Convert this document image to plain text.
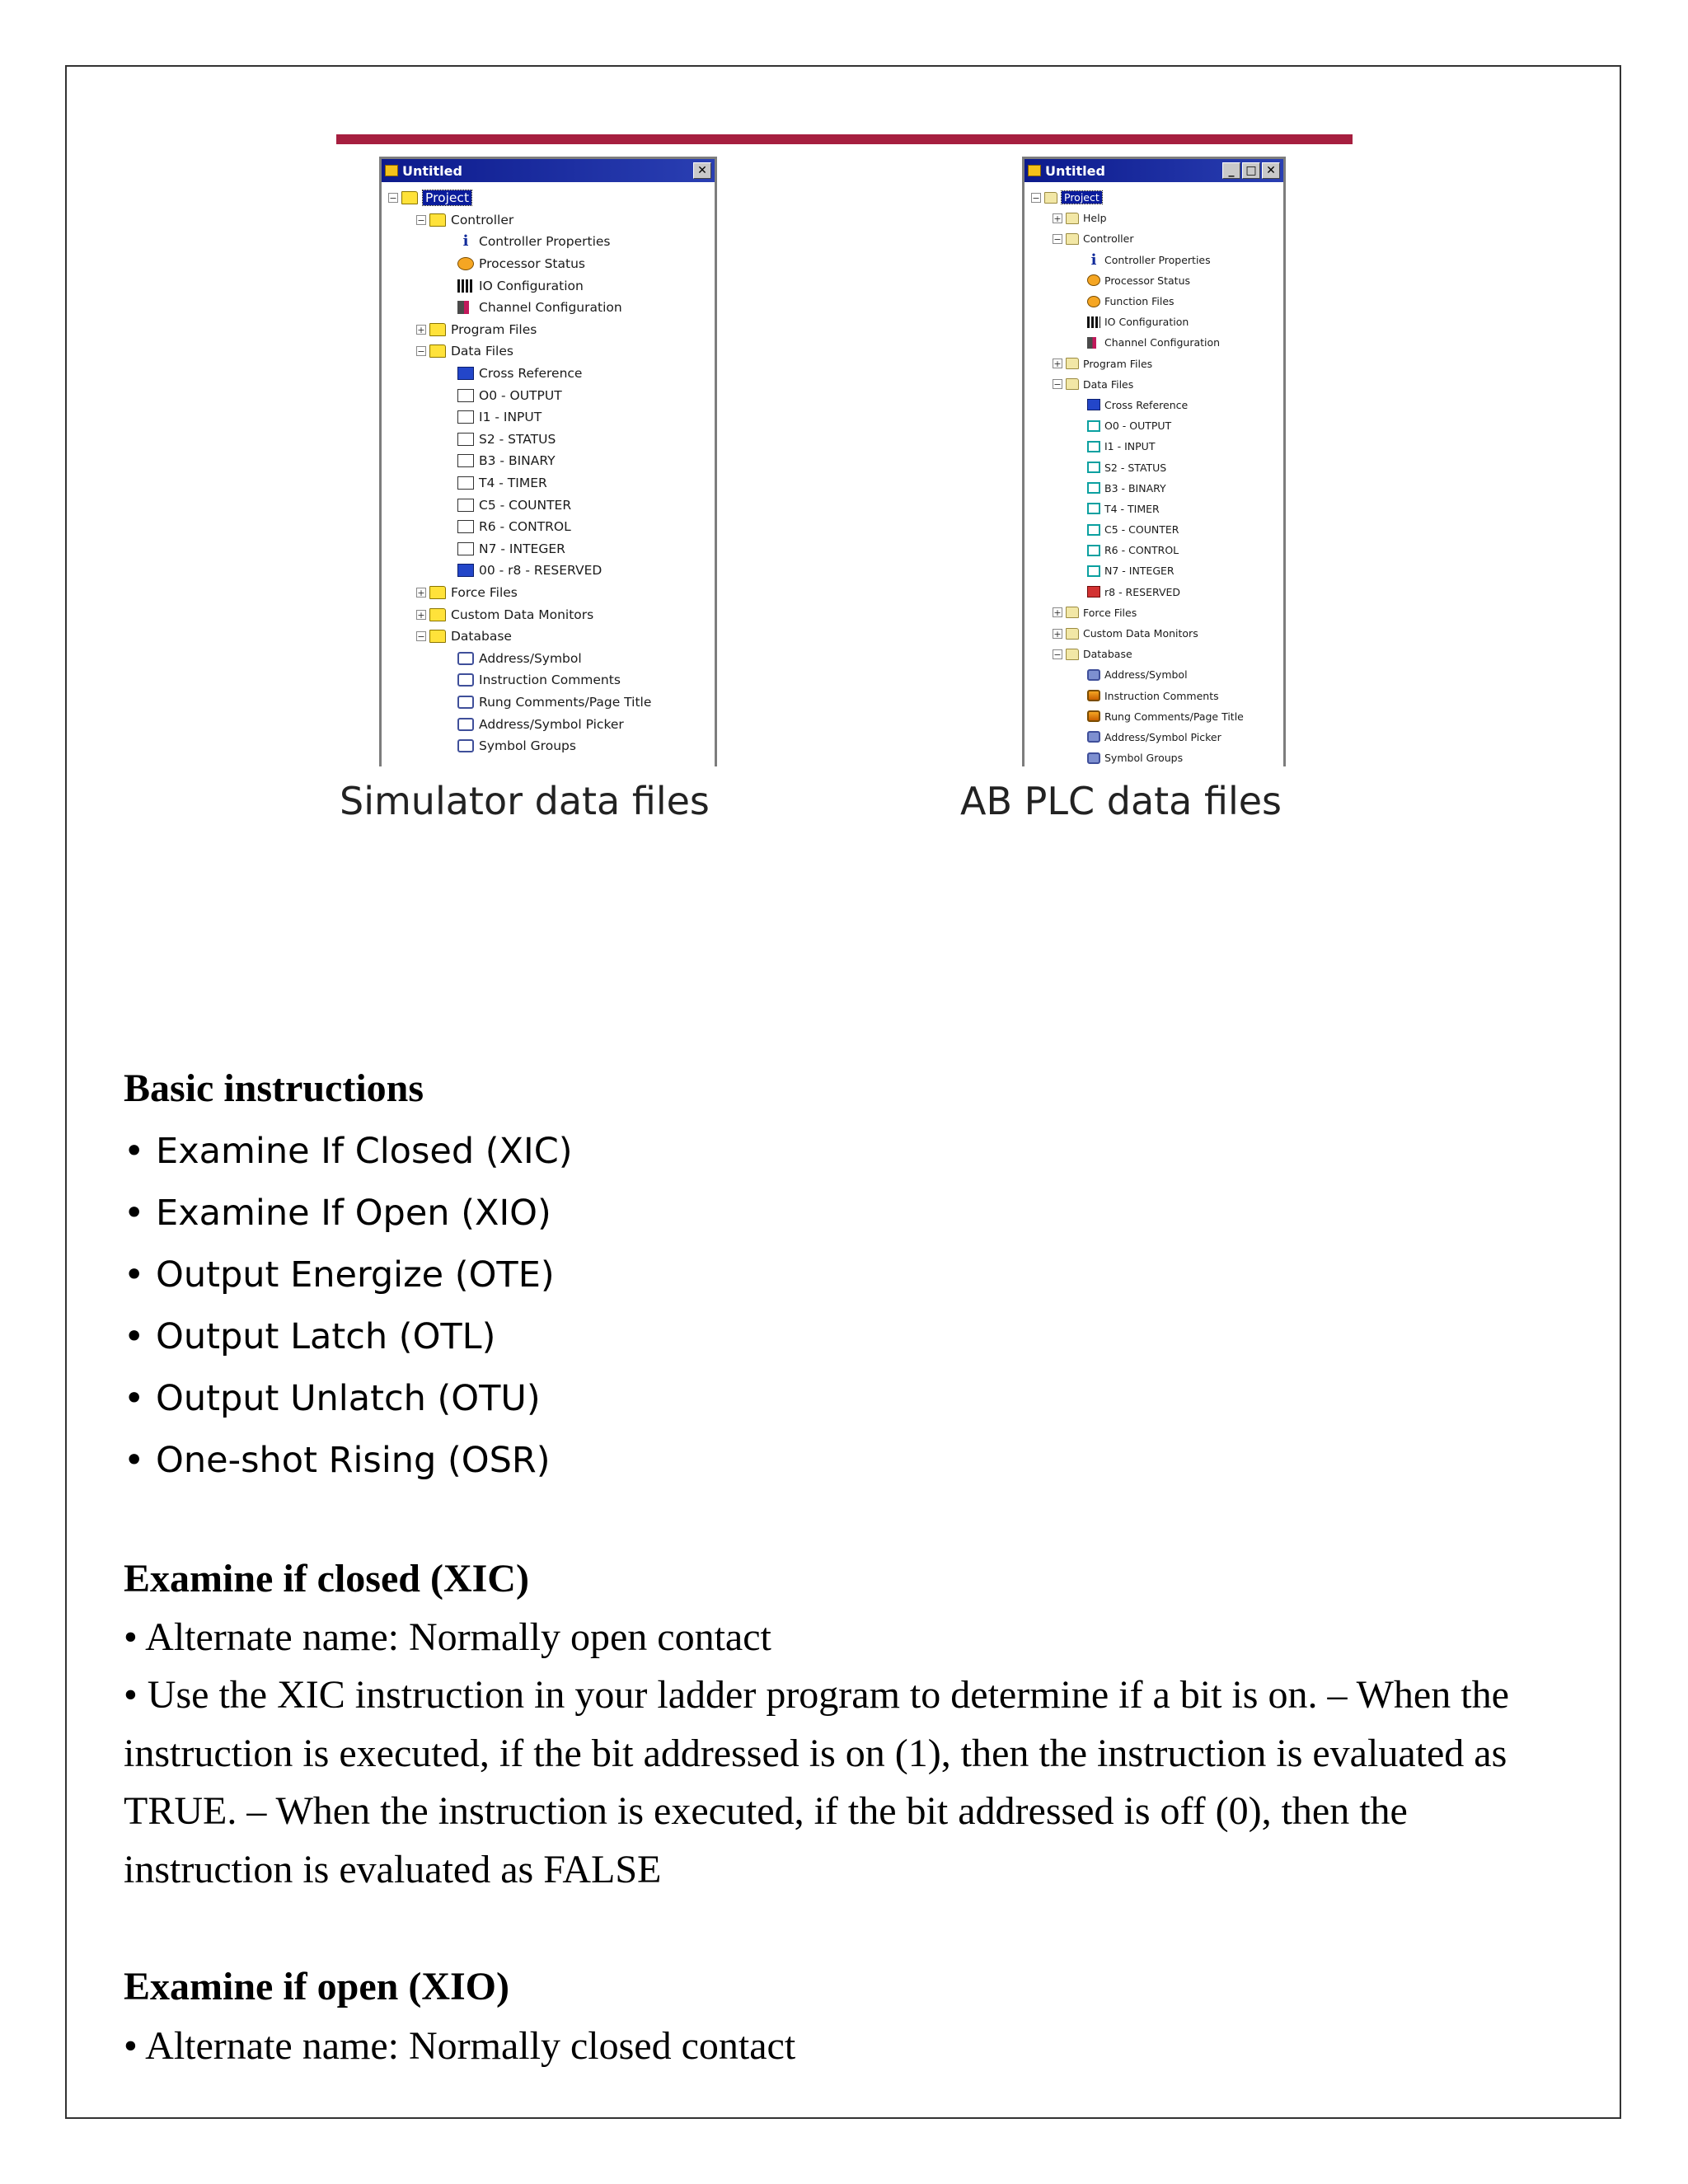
Untitled	✕
− Project
− Controller
i Controller Properties
Processor Status
IO Configuration
Channel Configuration
+ Program Files
− Data Files
Cross Reference
O0 - OUTPUT
I1 - INPUT
S2 - STATUS
B3 - BINARY
T4 - TIMER
C5 - COUNTER
R6 - CONTROL
N7 - INTEGER
00 - r8 - RESERVED
+ Force Files
+ Custom Data Monitors
− Database
Address/Symbol
Instruction Comments
Rung Comments/Page Title
Address/Symbol Picker
Symbol Groups
Simulator data files
Untitled	_ □ ✕
− Project
+ Help
− Controller
i Controller Properties
Processor Status
Function Files
IO Configuration
Channel Configuration
+ Program Files
− Data Files
Cross Reference
O0 - OUTPUT
I1 - INPUT
S2 - STATUS
B3 - BINARY
T4 - TIMER
C5 - COUNTER
R6 - CONTROL
N7 - INTEGER
r8 - RESERVED
+ Force Files
+ Custom Data Monitors
− Database
Address/Symbol
Instruction Comments
Rung Comments/Page Title
Address/Symbol Picker
Symbol Groups
AB PLC data files
Basic instructions
• Examine If Closed (XIC)
• Examine If Open (XIO)
• Output Energize (OTE)
• Output Latch (OTL)
• Output Unlatch (OTU)
• One-shot Rising (OSR)
Examine if closed (XIC)

• Alternate name: Normally open contact

• Use the XIC instruction in your ladder program to determine if a bit is on. – When the instruction is executed, if the bit addressed is on (1), then the instruction is evaluated as TRUE. – When the instruction is executed, if the bit addressed is off (0), then the instruction is evaluated as FALSE

Examine if open (XIO)

• Alternate name: Normally closed contact
